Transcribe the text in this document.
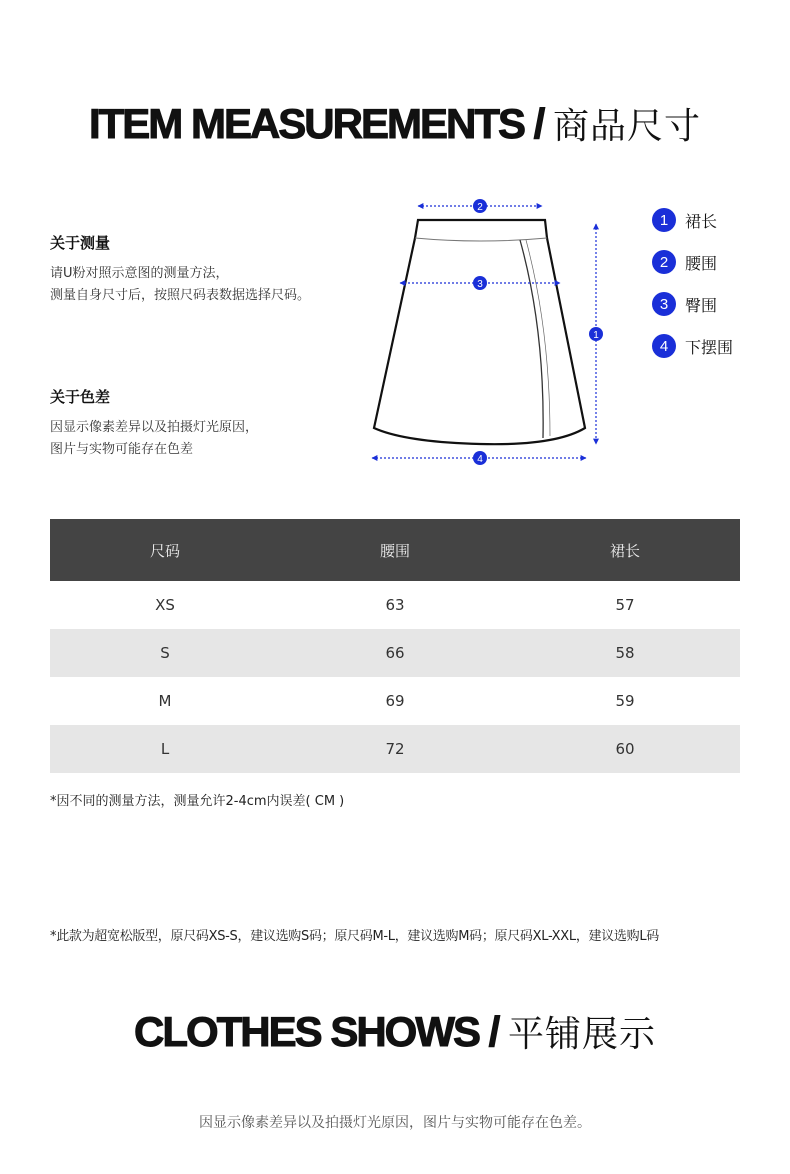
ITEM MEASUREMENTS / 商品尺寸
关于测量

请U粉对照示意图的测量方法，

测量自身尺寸后，按照尺码表数据选择尺码。

关于色差

因显示像素差异以及拍摄灯光原因，

图片与实物可能存在色差

2
3
1
4
1	裙长
2	腰围
3	臀围
4	下摆围
尺码	腰围	裙长
XS	63	57
S	66	58
M	69	59
L	72	60
*因不同的测量方法，测量允许2-4cm内误差( CM )
*此款为超宽松版型，原尺码XS-S，建议选购S码；原尺码M-L，建议选购M码；原尺码XL-XXL，建议选购L码
CLOTHES SHOWS / 平铺展示
因显示像素差异以及拍摄灯光原因，图片与实物可能存在色差。
